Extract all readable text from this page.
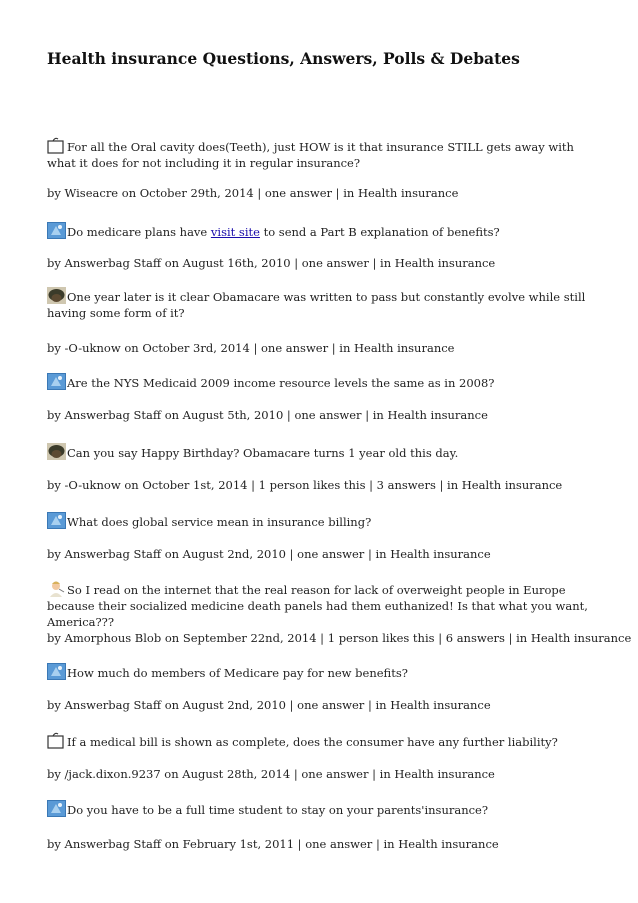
Health insurance Questions, Answers, Polls & Debates

For all the Oral cavity does(Teeth), just HOW is it that insurance STILL gets away with what it does for not including it in regular insurance?

by Wiseacre on October 29th, 2014 | one answer | in Health insurance

Do medicare plans have visit site to send a Part B explanation of benefits?

by Answerbag Staff on August 16th, 2010 | one answer | in Health insurance

One year later is it clear Obamacare was written to pass but constantly evolve while still having some form of it?

by -O-uknow on October 3rd, 2014 | one answer | in Health insurance

Are the NYS Medicaid 2009 income resource levels the same as in 2008?

by Answerbag Staff on August 5th, 2010 | one answer | in Health insurance

Can you say Happy Birthday? Obamacare turns 1 year old this day.

by -O-uknow on October 1st, 2014 | 1 person likes this | 3 answers | in Health insurance

What does global service mean in insurance billing?

by Answerbag Staff on August 2nd, 2010 | one answer | in Health insurance

So I read on the internet that the real reason for lack of overweight people in Europe because their socialized medicine death panels had them euthanized! Is that what you want, America???

by Amorphous Blob on September 22nd, 2014 | 1 person likes this | 6 answers | in Health insurance

How much do members of Medicare pay for new benefits?

by Answerbag Staff on August 2nd, 2010 | one answer | in Health insurance

If a medical bill is shown as complete, does the consumer have any further liability?

by /jack.dixon.9237 on August 28th, 2014 | one answer | in Health insurance

Do you have to be a full time student to stay on your parents'insurance?

by Answerbag Staff on February 1st, 2011 | one answer | in Health insurance
